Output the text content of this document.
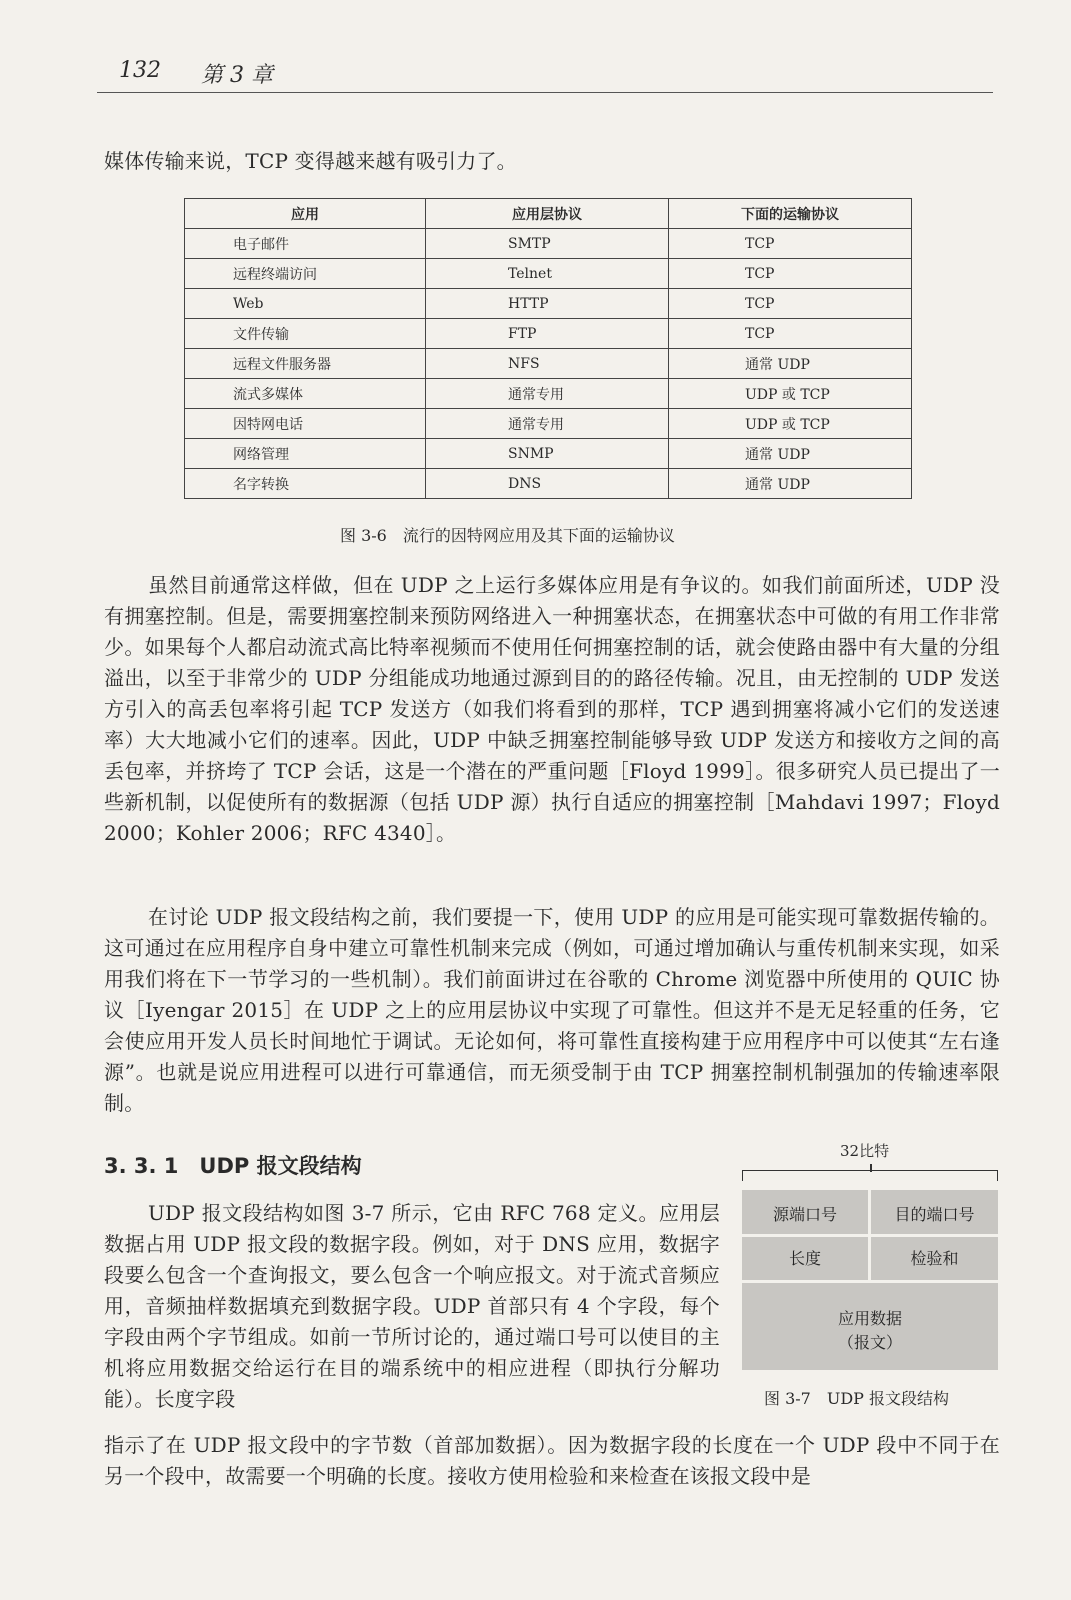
132 第 3 章

媒体传输来说，TCP 变得越来越有吸引力了。

应用	应用层协议	下面的运输协议
电子邮件	SMTP	TCP
远程终端访问	Telnet	TCP
Web	HTTP	TCP
文件传输	FTP	TCP
远程文件服务器	NFS	通常 UDP
流式多媒体	通常专用	UDP 或 TCP
因特网电话	通常专用	UDP 或 TCP
网络管理	SNMP	通常 UDP
名字转换	DNS	通常 UDP
图 3-6　流行的因特网应用及其下面的运输协议

虽然目前通常这样做，但在 UDP 之上运行多媒体应用是有争议的。如我们前面所述，UDP 没有拥塞控制。但是，需要拥塞控制来预防网络进入一种拥塞状态，在拥塞状态中可做的有用工作非常少。如果每个人都启动流式高比特率视频而不使用任何拥塞控制的话，就会使路由器中有大量的分组溢出，以至于非常少的 UDP 分组能成功地通过源到目的的路径传输。况且，由无控制的 UDP 发送方引入的高丢包率将引起 TCP 发送方（如我们将看到的那样，TCP 遇到拥塞将减小它们的发送速率）大大地减小它们的速率。因此，UDP 中缺乏拥塞控制能够导致 UDP 发送方和接收方之间的高丢包率，并挤垮了 TCP 会话，这是一个潜在的严重问题［Floyd 1999］。很多研究人员已提出了一些新机制，以促使所有的数据源（包括 UDP 源）执行自适应的拥塞控制［Mahdavi 1997；Floyd 2000；Kohler 2006；RFC 4340］。

在讨论 UDP 报文段结构之前，我们要提一下，使用 UDP 的应用是可能实现可靠数据传输的。这可通过在应用程序自身中建立可靠性机制来完成（例如，可通过增加确认与重传机制来实现，如采用我们将在下一节学习的一些机制）。我们前面讲过在谷歌的 Chrome 浏览器中所使用的 QUIC 协议［Iyengar 2015］在 UDP 之上的应用层协议中实现了可靠性。但这并不是无足轻重的任务，它会使应用开发人员长时间地忙于调试。无论如何，将可靠性直接构建于应用程序中可以使其“左右逢源”。也就是说应用进程可以进行可靠通信，而无须受制于由 TCP 拥塞控制机制强加的传输速率限制。

3. 3. 1　UDP 报文段结构

UDP 报文段结构如图 3-7 所示，它由 RFC 768 定义。应用层数据占用 UDP 报文段的数据字段。例如，对于 DNS 应用，数据字段要么包含一个查询报文，要么包含一个响应报文。对于流式音频应用，音频抽样数据填充到数据字段。UDP 首部只有 4 个字段，每个字段由两个字节组成。如前一节所讨论的，通过端口号可以使目的主机将应用数据交给运行在目的端系统中的相应进程（即执行分解功能）。长度字段

32比特
源端口号	目的端口号
长度	检验和
应用数据
（报文）
图 3-7　UDP 报文段结构

指示了在 UDP 报文段中的字节数（首部加数据）。因为数据字段的长度在一个 UDP 段中不同于在另一个段中，故需要一个明确的长度。接收方使用检验和来检查在该报文段中是
